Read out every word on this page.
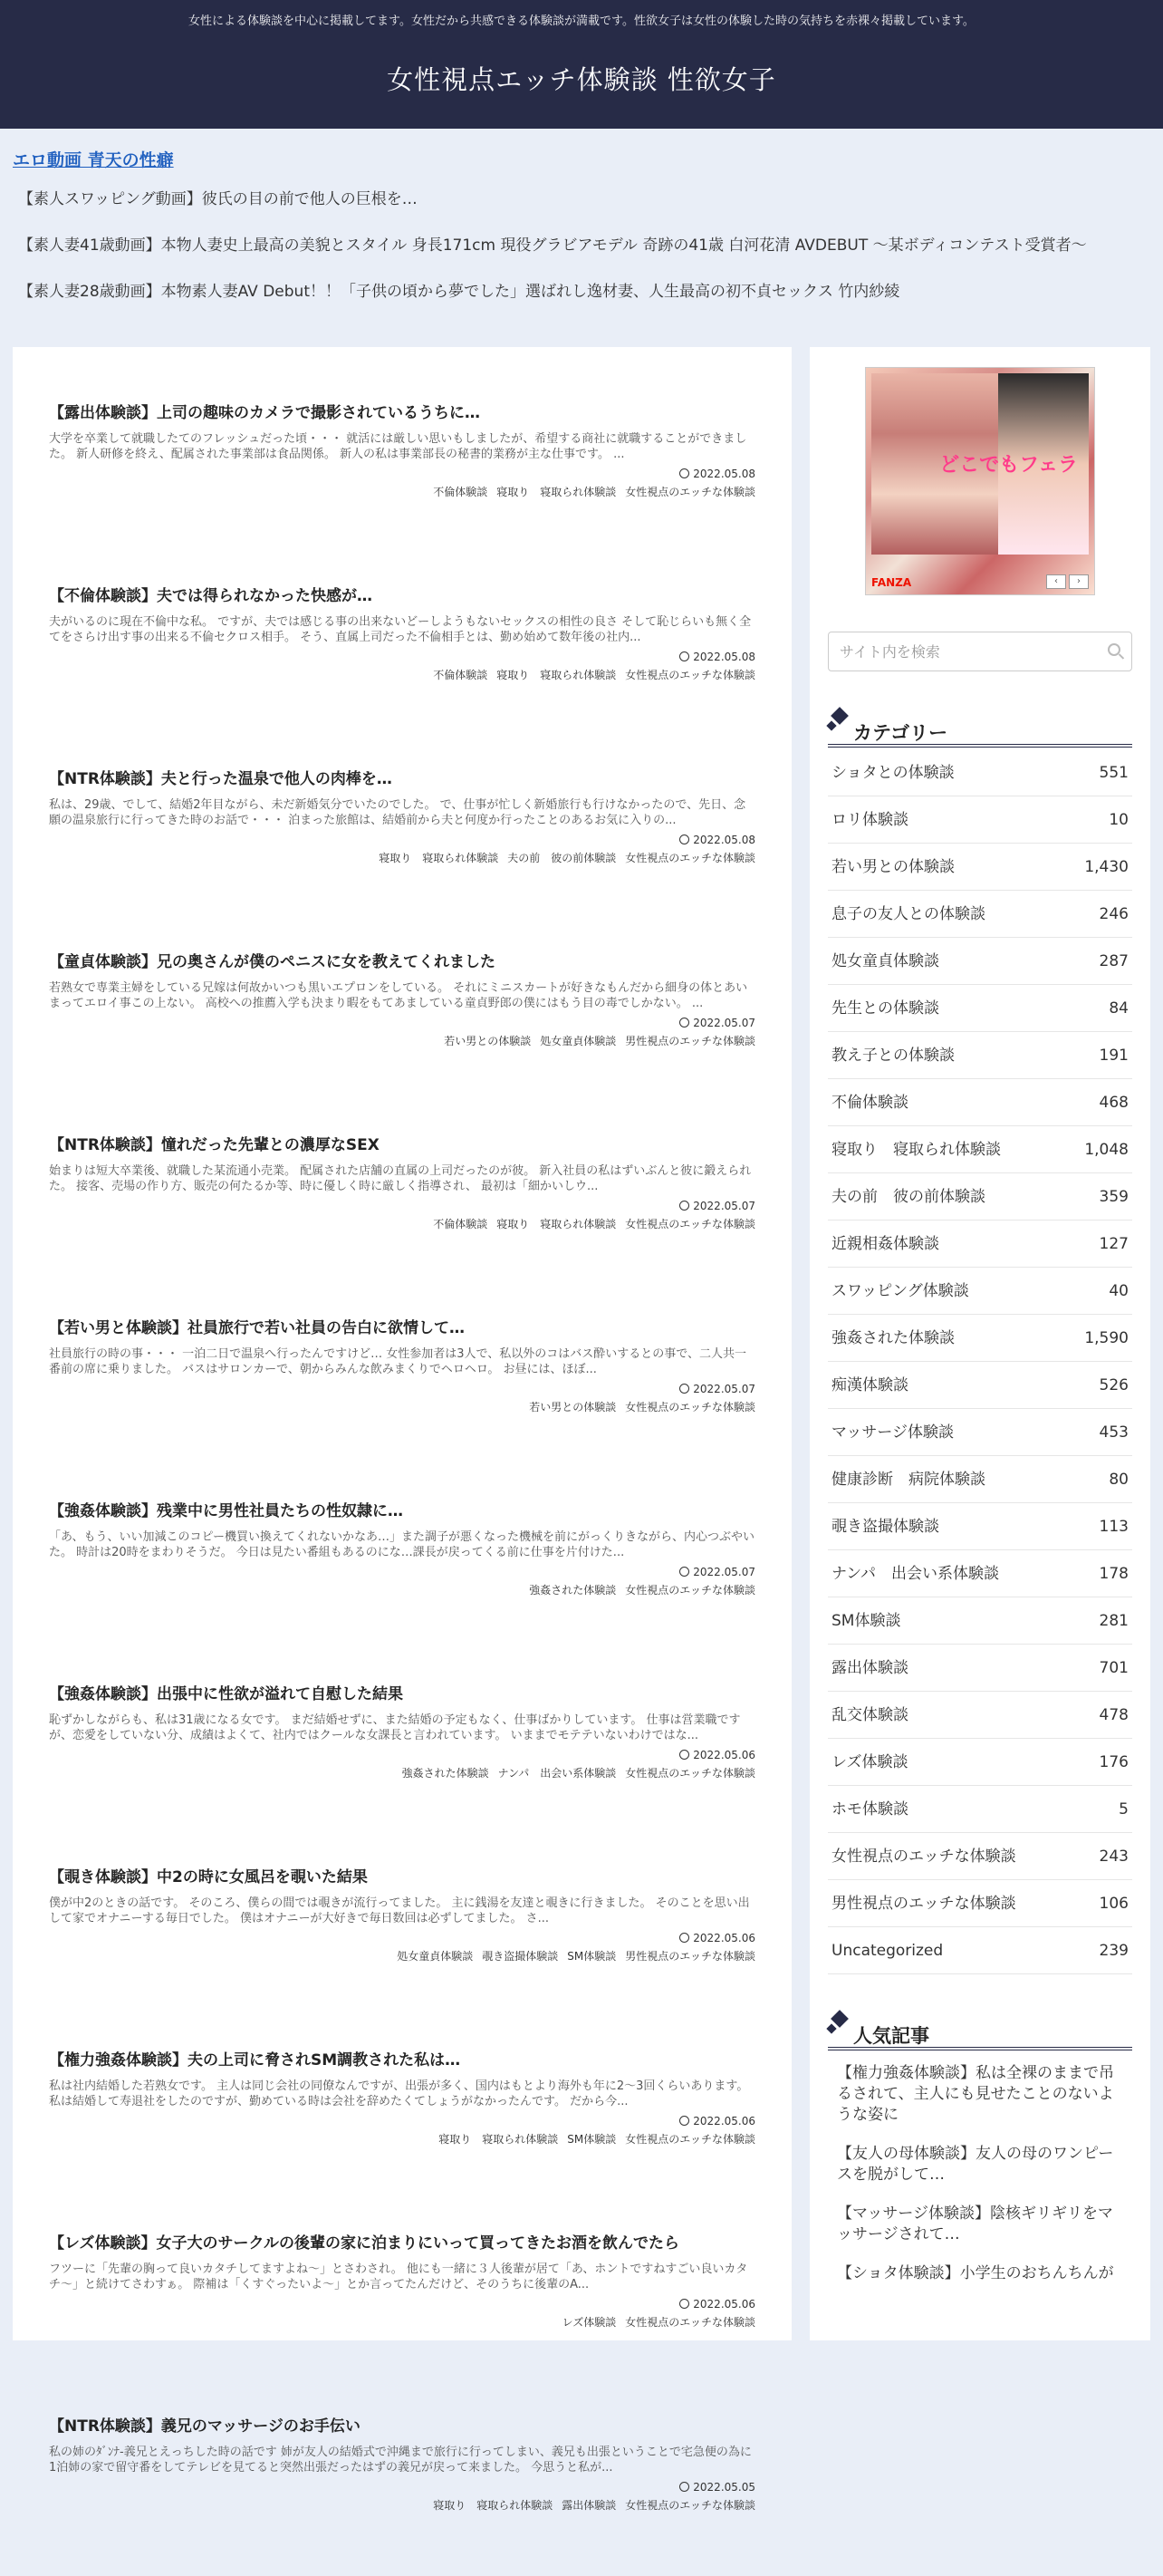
女性による体験談を中心に掲載してます。女性だから共感できる体験談が満載です。性欲女子は女性の体験した時の気持ちを赤裸々掲載しています。
女性視点エッチ体験談 性欲女子
エロ動画 青天の性癖
【素人スワッピング動画】彼氏の目の前で他人の巨根を…
【素人妻41歳動画】本物人妻史上最高の美貌とスタイル 身長171cm 現役グラビアモデル 奇跡の41歳 白河花清 AVDEBUT ～某ボディコンテスト受賞者～
【素人妻28歳動画】本物素人妻AV Debut！！「子供の頃から夢でした」選ばれし逸材妻、人生最高の初不貞セックス 竹内紗綾
【露出体験談】上司の趣味のカメラで撮影されているうちに…
大学を卒業して就職したてのフレッシュだった頃・・・ 就活には厳しい思いもしましたが、希望する商社に就職することができました。 新人研修を終え、配属された事業部は食品関係。 新人の私は事業部長の秘書的業務が主な仕事です。 ...
2022.05.08
不倫体験談 寝取り　寝取られ体験談 女性視点のエッチな体験談
【不倫体験談】夫では得られなかった快感が…
夫がいるのに現在不倫中な私。 ですが、夫では感じる事の出来ないどーしようもないセックスの相性の良さ そして恥じらいも無く全てをさらけ出す事の出来る不倫セクロス相手。 そう、直属上司だった不倫相手とは、勤め始めて数年後の社内...
2022.05.08
不倫体験談 寝取り　寝取られ体験談 女性視点のエッチな体験談
【NTR体験談】夫と行った温泉で他人の肉棒を…
私は、29歳、でして、結婚2年目ながら、未だ新婚気分でいたのでした。 で、仕事が忙しく新婚旅行も行けなかったので、先日、念願の温泉旅行に行ってきた時のお話で・・・ 泊まった旅館は、結婚前から夫と何度か行ったことのあるお気に入りの...
2022.05.08
寝取り　寝取られ体験談 夫の前　彼の前体験談 女性視点のエッチな体験談
【童貞体験談】兄の奥さんが僕のペニスに女を教えてくれました
若熟女で専業主婦をしている兄嫁は何故かいつも黒いエプロンをしている。 それにミニスカートが好きなもんだから細身の体とあいまってエロイ事この上ない。 高校への推薦入学も決まり暇をもてあましている童貞野郎の僕にはもう目の毒でしかない。 ...
2022.05.07
若い男との体験談 処女童貞体験談 男性視点のエッチな体験談
【NTR体験談】憧れだった先輩との濃厚なSEX
始まりは短大卒業後、就職した某流通小売業。 配属された店舗の直属の上司だったのが彼。 新入社員の私はずいぶんと彼に鍛えられた。 接客、売場の作り方、販売の何たるか等、時に優しく時に厳しく指導され、 最初は「細かいしウ...
2022.05.07
不倫体験談 寝取り　寝取られ体験談 女性視点のエッチな体験談
【若い男と体験談】社員旅行で若い社員の告白に欲情して…
社員旅行の時の事・・・ 一泊二日で温泉へ行ったんですけど… 女性参加者は3人で、私以外のコはバス酔いするとの事で、二人共一番前の席に乗りました。 バスはサロンカーで、朝からみんな飲みまくりでヘロヘロ。 お昼には、ほぼ...
2022.05.07
若い男との体験談 女性視点のエッチな体験談
【強姦体験談】残業中に男性社員たちの性奴隷に…
「あ、もう、いい加減このコピー機買い換えてくれないかなあ…」また調子が悪くなった機械を前にがっくりきながら、内心つぶやいた。 時計は20時をまわりそうだ。 今日は見たい番組もあるのにな…課長が戻ってくる前に仕事を片付けた...
2022.05.07
強姦された体験談 女性視点のエッチな体験談
【強姦体験談】出張中に性欲が溢れて自慰した結果
恥ずかしながらも、私は31歳になる女です。 まだ結婚せずに、また結婚の予定もなく、仕事ばかりしています。 仕事は営業職ですが、恋愛をしていない分、成績はよくて、社内ではクールな女課長と言われています。 いままでモテテいないわけではな...
2022.05.06
強姦された体験談 ナンパ　出会い系体験談 女性視点のエッチな体験談
【覗き体験談】中2の時に女風呂を覗いた結果
僕が中2のときの話です。 そのころ、僕らの間では覗きが流行ってました。 主に銭湯を友達と覗きに行きました。 そのことを思い出して家でオナニーする毎日でした。 僕はオナニーが大好きで毎日数回は必ずしてました。 さ...
2022.05.06
処女童貞体験談 覗き盗撮体験談 SM体験談 男性視点のエッチな体験談
【権力強姦体験談】夫の上司に脅されSM調教された私は…
私は社内結婚した若熟女です。 主人は同じ会社の同僚なんですが、出張が多く、国内はもとより海外も年に2～3回くらいあります。 私は結婚して寿退社をしたのですが、勤めている時は会社を辞めたくてしょうがなかったんです。 だから今...
2022.05.06
寝取り　寝取られ体験談 SM体験談 女性視点のエッチな体験談
【レズ体験談】女子大のサークルの後輩の家に泊まりにいって買ってきたお酒を飲んでたら
フツーに「先輩の胸って良いカタチしてますよね～」とさわされ。 他にも一緒に３人後輩が居て「あ、ホントですねすごい良いカタチ～」と続けてさわすぁ。 際補は「くすぐったいよ～」とか言ってたんだけど、そのうちに後輩のA...
2022.05.06
レズ体験談 女性視点のエッチな体験談
【NTR体験談】義兄のマッサージのお手伝い
私の姉のﾀﾞﾝﾅ-義兄とえっちした時の話です 姉が友人の結婚式で沖縄まで旅行に行ってしまい、義兄も出張ということで宅急便の為に1泊姉の家で留守番をしてテレビを見てると突然出張だったはずの義兄が戻って来ました。 今思うと私が...
2022.05.05
寝取り　寝取られ体験談 露出体験談 女性視点のエッチな体験談
どこでもフェラ
FANZA	‹ ›
サイト内を検索
カテゴリー
ショタとの体験談	551
ロリ体験談	10
若い男との体験談	1,430
息子の友人との体験談	246
処女童貞体験談	287
先生との体験談	84
教え子との体験談	191
不倫体験談	468
寝取り　寝取られ体験談	1,048
夫の前　彼の前体験談	359
近親相姦体験談	127
スワッピング体験談	40
強姦された体験談	1,590
痴漢体験談	526
マッサージ体験談	453
健康診断　病院体験談	80
覗き盗撮体験談	113
ナンパ　出会い系体験談	178
SM体験談	281
露出体験談	701
乱交体験談	478
レズ体験談	176
ホモ体験談	5
女性視点のエッチな体験談	243
男性視点のエッチな体験談	106
Uncategorized	239
人気記事
【権力強姦体験談】私は全裸のままで吊るされて、主人にも見せたことのないような姿に
【友人の母体験談】友人の母のワンピースを脱がして…
【マッサージ体験談】陰核ギリギリをマッサージされて…
【ショタ体験談】小学生のおちんちんが
